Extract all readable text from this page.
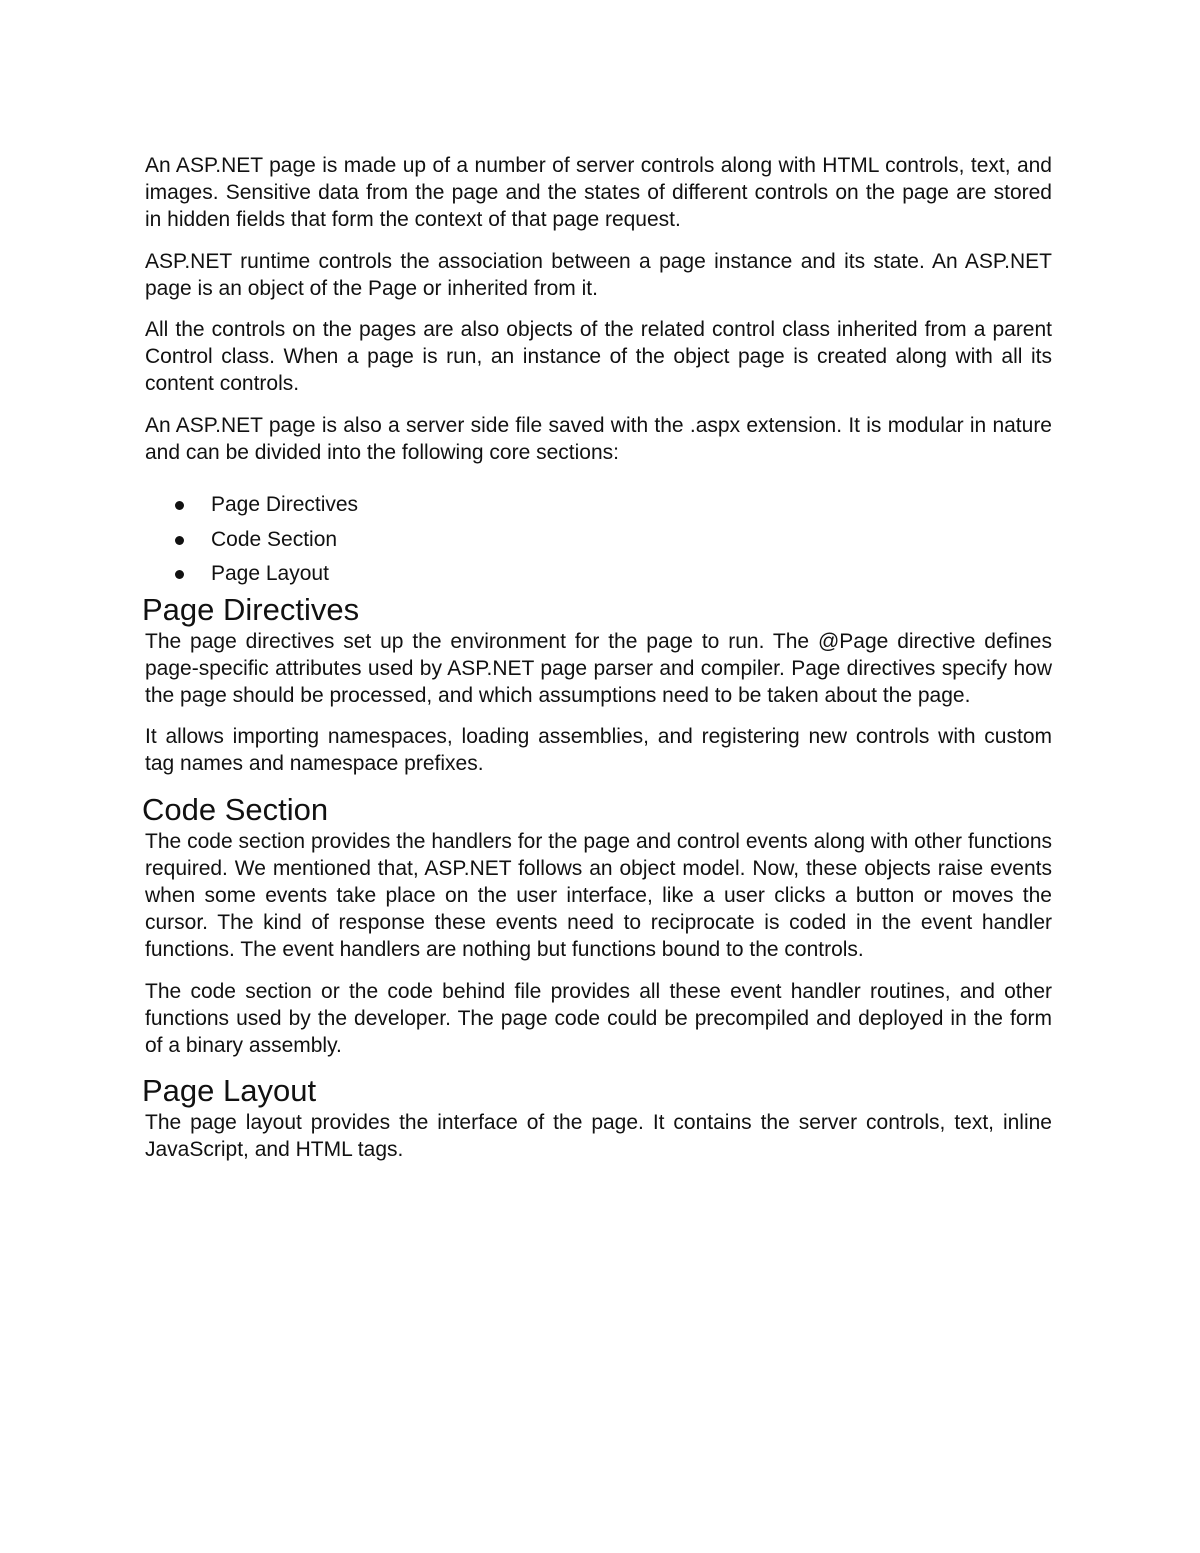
An ASP.NET page is made up of a number of server controls along with HTML controls, text, and images. Sensitive data from the page and the states of different controls on the page are stored in hidden fields that form the context of that page request.

ASP.NET runtime controls the association between a page instance and its state. An ASP.NET page is an object of the Page or inherited from it.

All the controls on the pages are also objects of the related control class inherited from a parent Control class. When a page is run, an instance of the object page is created along with all its content controls.

An ASP.NET page is also a server side file saved with the .aspx extension. It is modular in nature and can be divided into the following core sections:

Page Directives
Code Section
Page Layout
Page Directives

The page directives set up the environment for the page to run. The @Page directive defines page-specific attributes used by ASP.NET page parser and compiler. Page directives specify how the page should be processed, and which assumptions need to be taken about the page.

It allows importing namespaces, loading assemblies, and registering new controls with custom tag names and namespace prefixes.

Code Section

The code section provides the handlers for the page and control events along with other functions required. We mentioned that, ASP.NET follows an object model. Now, these objects raise events when some events take place on the user interface, like a user clicks a button or moves the cursor. The kind of response these events need to reciprocate is coded in the event handler functions. The event handlers are nothing but functions bound to the controls.

The code section or the code behind file provides all these event handler routines, and other functions used by the developer. The page code could be precompiled and deployed in the form of a binary assembly.

Page Layout

The page layout provides the interface of the page. It contains the server controls, text, inline JavaScript, and HTML tags.
